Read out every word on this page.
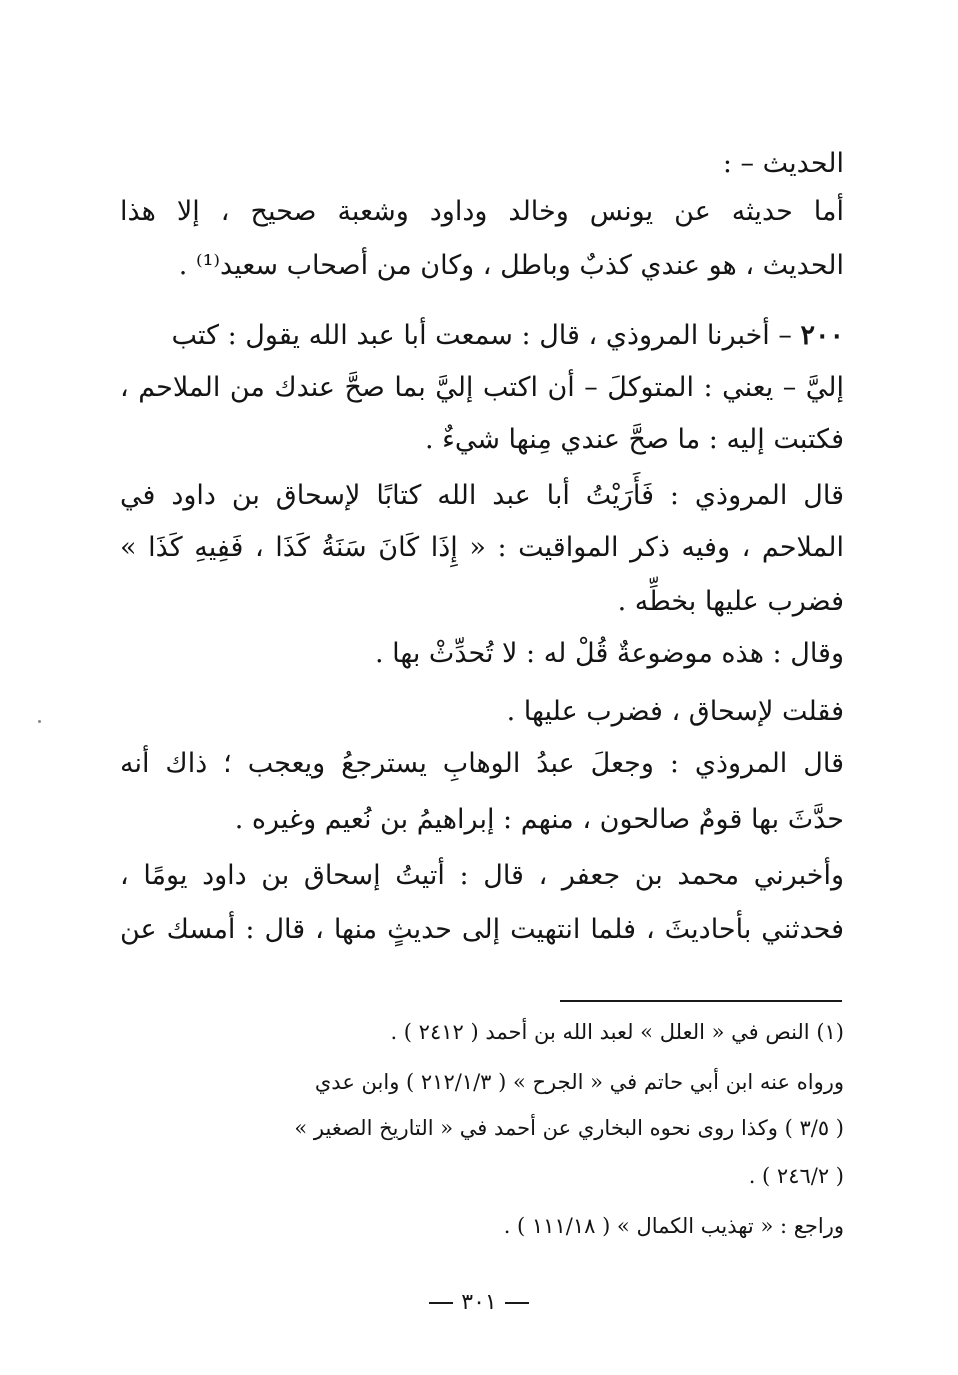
الحديث – :
أما حديثه عن يونس وخالد وداود وشعبة صحيح ، إلا هذا
الحديث ، هو عندي كذبٌ وباطل ، وكان من أصحاب سعيد⁽¹⁾ .
٢٠٠ – أخبرنا المروذي ، قال : سمعت أبا عبد الله يقول : كتب
إليَّ – يعني : المتوكلَ – أن اكتب إليَّ بما صحَّ عندك من الملاحم ،
فكتبت إليه : ما صحَّ عندي مِنها شيءٌ .
قال المروذي : فَأَرَيْتُ أبا عبد الله كتابًا لإسحاق بن داود في
الملاحم ، وفيه ذكر المواقيت : « إِذَا كَانَ سَنَةُ كَذَا ، فَفِيهِ كَذَا »
فضرب عليها بخطِّه .
وقال : هذه موضوعةٌ قُلْ له : لا تُحدِّثْ بها .
فقلت لإسحاق ، فضرب عليها .
قال المروذي : وجعلَ عبدُ الوهابِ يسترجعُ ويعجب ؛ ذاك أنه
حدَّثَ بها قومٌ صالحون ، منهم : إبراهيمُ بن نُعيم وغيره .
وأخبرني محمد بن جعفر ، قال : أتيتُ إسحاق بن داود يومًا ،
فحدثني بأحاديثَ ، فلما انتهيت إلى حديثٍ منها ، قال : أمسك عن
(١) النص في « العلل » لعبد الله بن أحمد ( ٢٤١٢ ) .
ورواه عنه ابن أبي حاتم في « الجرح » ( ٢١٢/١/٣ ) وابن عدي
( ٣/٥ ) وكذا روى نحوه البخاري عن أحمد في « التاريخ الصغير »
( ٢٤٦/٢ ) .
وراجع : « تهذيب الكمال » ( ١١١/١٨ ) .
٣٠١
